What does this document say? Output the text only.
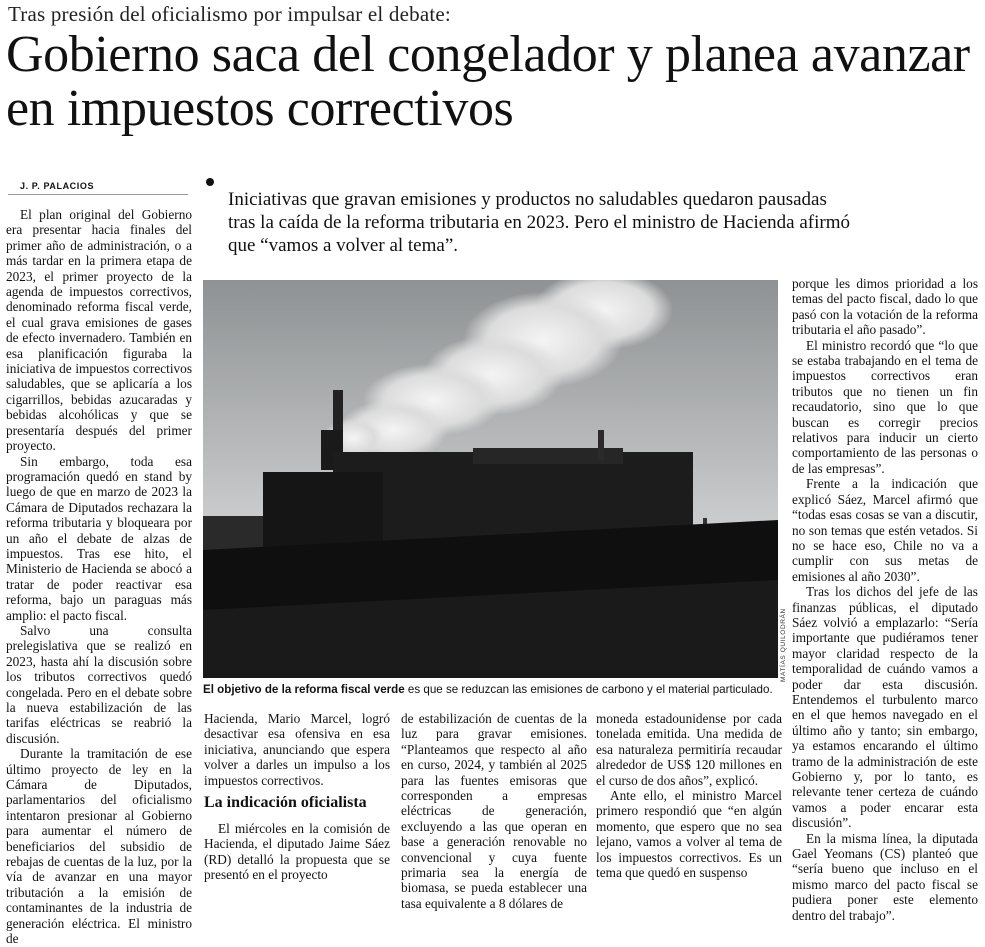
Tras presión del oficialismo por impulsar el debate:
Gobierno saca del congelador y planea avanzar en impuestos correctivos
J. P. PALACIOS
Iniciativas que gravan emisiones y productos no saludables quedaron pausadas tras la caída de la reforma tributaria en 2023. Pero el ministro de Hacienda afirmó que “vamos a volver al tema”.

El plan original del Gobierno era presentar hacia finales del primer año de administración, o a más tardar en la primera etapa de 2023, el primer proyecto de la agenda de impuestos correctivos, denominado reforma fiscal verde, el cual grava emisiones de gases de efecto invernadero. También en esa planificación figuraba la iniciativa de impuestos correctivos saludables, que se aplicaría a los cigarrillos, bebidas azucaradas y bebidas alcohólicas y que se presentaría después del primer proyecto.

Sin embargo, toda esa programación quedó en stand by luego de que en marzo de 2023 la Cámara de Diputados rechazara la reforma tributaria y bloqueara por un año el debate de alzas de impuestos. Tras ese hito, el Ministerio de Hacienda se abocó a tratar de poder reactivar esa reforma, bajo un paraguas más amplio: el pacto fiscal.

Salvo una consulta prelegislativa que se realizó en 2023, hasta ahí la discusión sobre los tributos correctivos quedó congelada. Pero en el debate sobre la nueva estabilización de las tarifas eléctricas se reabrió la discusión.

Durante la tramitación de ese último proyecto de ley en la Cámara de Diputados, parlamentarios del oficialismo intentaron presionar al Gobierno para aumentar el número de beneficiarios del subsidio de rebajas de cuentas de la luz, por la vía de avanzar en una mayor tributación a la emisión de contaminantes de la industria de generación eléctrica. El ministro de

MATÍAS QUILODRÁN
El objetivo de la reforma fiscal verde es que se reduzcan las emisiones de carbono y el material particulado.

Hacienda, Mario Marcel, logró desactivar esa ofensiva en esa iniciativa, anunciando que espera volver a darles un impulso a los impuestos correctivos.

La indicación oficialista

El miércoles en la comisión de Hacienda, el diputado Jaime Sáez (RD) detalló la propuesta que se presentó en el proyecto

de estabilización de cuentas de la luz para gravar emisiones. “Planteamos que respecto al año en curso, 2024, y también al 2025 para las fuentes emisoras que corresponden a empresas eléctricas de generación, excluyendo a las que operan en base a generación renovable no convencional y cuya fuente primaria sea la energía de biomasa, se pueda establecer una tasa equivalente a 8 dólares de

moneda estadounidense por cada tonelada emitida. Una medida de esa naturaleza permitiría recaudar alrededor de US$ 120 millones en el curso de dos años”, explicó.

Ante ello, el ministro Marcel primero respondió que “en algún momento, que espero que no sea lejano, vamos a volver al tema de los impuestos correctivos. Es un tema que quedó en suspenso

porque les dimos prioridad a los temas del pacto fiscal, dado lo que pasó con la votación de la reforma tributaria el año pasado”.

El ministro recordó que “lo que se estaba trabajando en el tema de impuestos correctivos eran tributos que no tienen un fin recaudatorio, sino que lo que buscan es corregir precios relativos para inducir un cierto comportamiento de las personas o de las empresas”.

Frente a la indicación que explicó Sáez, Marcel afirmó que “todas esas cosas se van a discutir, no son temas que estén vetados. Si no se hace eso, Chile no va a cumplir con sus metas de emisiones al año 2030”.

Tras los dichos del jefe de las finanzas públicas, el diputado Sáez volvió a emplazarlo: “Sería importante que pudiéramos tener mayor claridad respecto de la temporalidad de cuándo vamos a poder dar esta discusión. Entendemos el turbulento marco en el que hemos navegado en el último año y tanto; sin embargo, ya estamos encarando el último tramo de la administración de este Gobierno y, por lo tanto, es relevante tener certeza de cuándo vamos a poder encarar esta discusión”.

En la misma línea, la diputada Gael Yeomans (CS) planteó que “sería bueno que incluso en el mismo marco del pacto fiscal se pudiera poner este elemento dentro del trabajo”.
